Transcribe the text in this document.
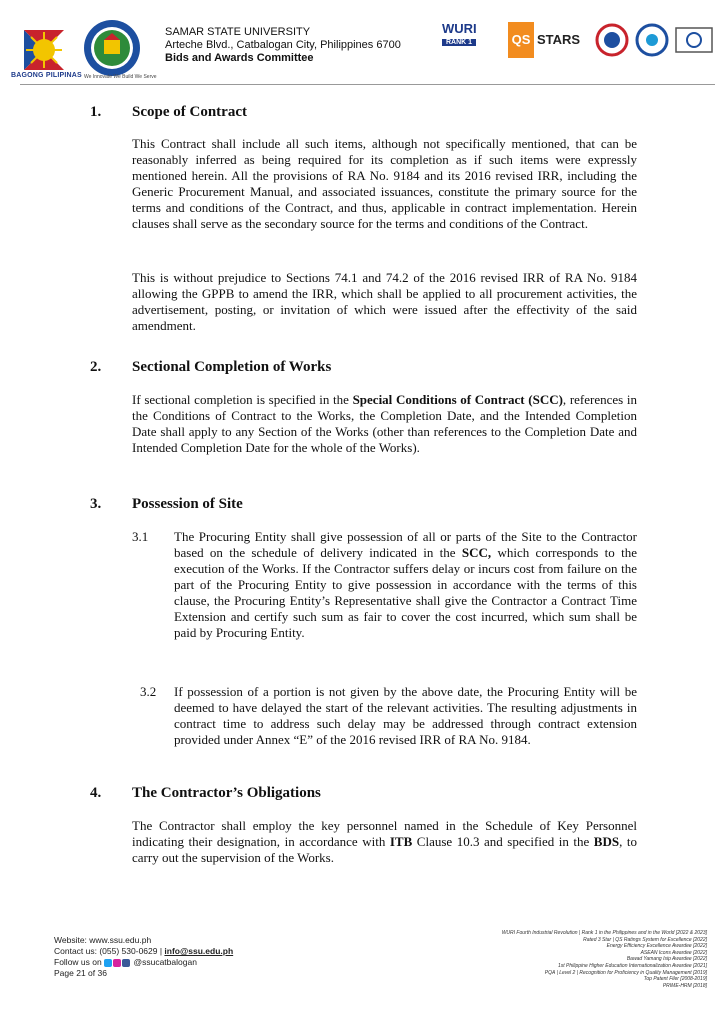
BAGONG PILIPINAS We Innovate We Build We Serve
SAMAR STATE UNIVERSITY
Arteche Blvd., Catbalogan City, Philippines 6700
Bids and Awards Committee
WURI
RANK 1	QS STARS
1. Scope of Contract

This Contract shall include all such items, although not specifically mentioned, that can be reasonably inferred as being required for its completion as if such items were expressly mentioned herein. All the provisions of RA No. 9184 and its 2016 revised IRR, including the Generic Procurement Manual, and associated issuances, constitute the primary source for the terms and conditions of the Contract, and thus, applicable in contract implementation. Herein clauses shall serve as the secondary source for the terms and conditions of the Contract.

This is without prejudice to Sections 74.1 and 74.2 of the 2016 revised IRR of RA No. 9184 allowing the GPPB to amend the IRR, which shall be applied to all procurement activities, the advertisement, posting, or invitation of which were issued after the effectivity of the said amendment.

2. Sectional Completion of Works

If sectional completion is specified in the Special Conditions of Contract (SCC), references in the Conditions of Contract to the Works, the Completion Date, and the Intended Completion Date shall apply to any Section of the Works (other than references to the Completion Date and Intended Completion Date for the whole of the Works).

3. Possession of Site
3.1 The Procuring Entity shall give possession of all or parts of the Site to the Contractor based on the schedule of delivery indicated in the SCC, which corresponds to the execution of the Works. If the Contractor suffers delay or incurs cost from failure on the part of the Procuring Entity to give possession in accordance with the terms of this clause, the Procuring Entity’s Representative shall give the Contractor a Contract Time Extension and certify such sum as fair to cover the cost incurred, which sum shall be paid by Procuring Entity.

3.2 If possession of a portion is not given by the above date, the Procuring Entity will be deemed to have delayed the start of the relevant activities. The resulting adjustments in contract time to address such delay may be addressed through contract extension provided under Annex “E” of the 2016 revised IRR of RA No. 9184.

4. The Contractor’s Obligations

The Contractor shall employ the key personnel named in the Schedule of Key Personnel indicating their designation, in accordance with ITB Clause 10.3 and specified in the BDS, to carry out the supervision of the Works.

Website: www.ssu.edu.ph
Contact us: (055) 530-0629 | info@ssu.edu.ph
Follow us on	@ssucatbalogan
Page 21 of 36
WURI Fourth Industrial Revolution | Rank 1 in the Philippines and in the World [2022 & 2023]
Rated 3 Star | QS Ratings System for Excellence [2022]
Energy Efficiency Excellence Awardee [2022]
ASEAN Icons Awardee [2022]
Bawad Yamang Isip Awardee [2022]
1st Philippine Higher Education Internationalization Awardee [2021]
PQA | Level 2 | Recognition for Proficiency in Quality Management [2019]
Top Patent Filer [2008-2019]
PRIME-HRM [2018]
